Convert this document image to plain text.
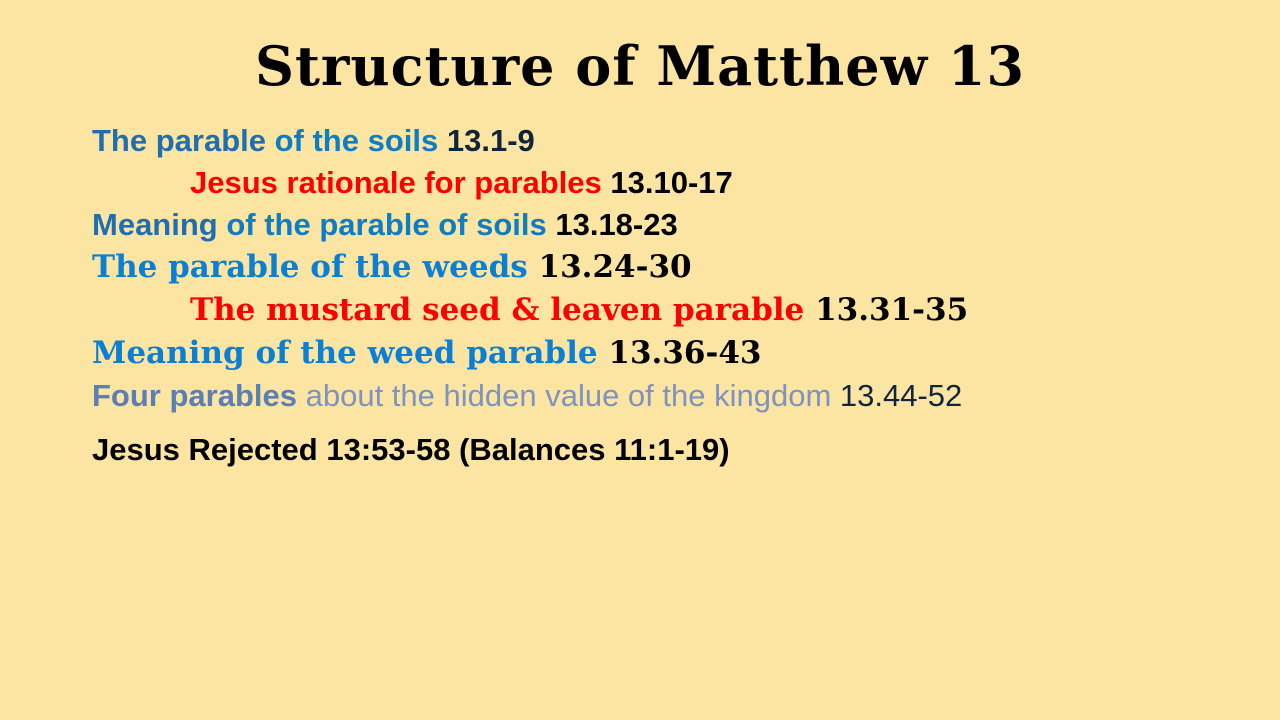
Structure of Matthew 13

The parable of the soils 13.1-9

Jesus rationale for parables 13.10-17

Meaning of the parable of soils 13.18-23

The parable of the weeds 13.24-30

The mustard seed & leaven parable 13.31-35

Meaning of the weed parable 13.36-43

Four parables about the hidden value of the kingdom 13.44-52

Jesus Rejected 13:53-58 (Balances 11:1-19)
